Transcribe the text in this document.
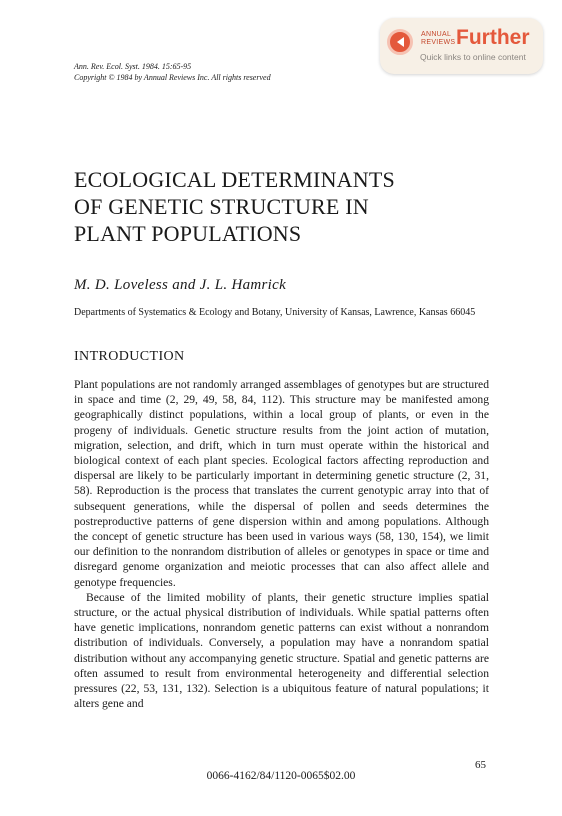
ANNUAL
REVIEWS Further
Quick links to online content
Ann. Rev. Ecol. Syst. 1984. 15:65-95
Copyright © 1984 by Annual Reviews Inc. All rights reserved
ECOLOGICAL DETERMINANTS
OF GENETIC STRUCTURE IN
PLANT POPULATIONS
M. D. Loveless and J. L. Hamrick
Departments of Systematics & Ecology and Botany, University of Kansas, Lawrence, Kansas 66045
INTRODUCTION

Plant populations are not randomly arranged assemblages of genotypes but are structured in space and time (2, 29, 49, 58, 84, 112). This structure may be manifested among geographically distinct populations, within a local group of plants, or even in the progeny of individuals. Genetic structure results from the joint action of mutation, migration, selection, and drift, which in turn must operate within the historical and biological context of each plant species. Ecological factors affecting reproduction and dispersal are likely to be particularly important in determining genetic structure (2, 31, 58). Reproduction is the process that translates the current genotypic array into that of subsequent generations, while the dispersal of pollen and seeds determines the postreproductive patterns of gene dispersion within and among populations. Although the concept of genetic structure has been used in various ways (58, 130, 154), we limit our definition to the nonrandom distribution of alleles or genotypes in space or time and disregard genome organization and meiotic processes that can also affect allele and genotype frequencies.

Because of the limited mobility of plants, their genetic structure implies spatial structure, or the actual physical distribution of individuals. While spatial patterns often have genetic implications, nonrandom genetic patterns can exist without a nonrandom distribution of individuals. Conversely, a population may have a nonrandom spatial distribution without any accompanying genetic structure. Spatial and genetic patterns are often assumed to result from environmental heterogeneity and differential selection pressures (22, 53, 131, 132). Selection is a ubiquitous feature of natural populations; it alters gene and

65
0066-4162/84/1120-0065$02.00
